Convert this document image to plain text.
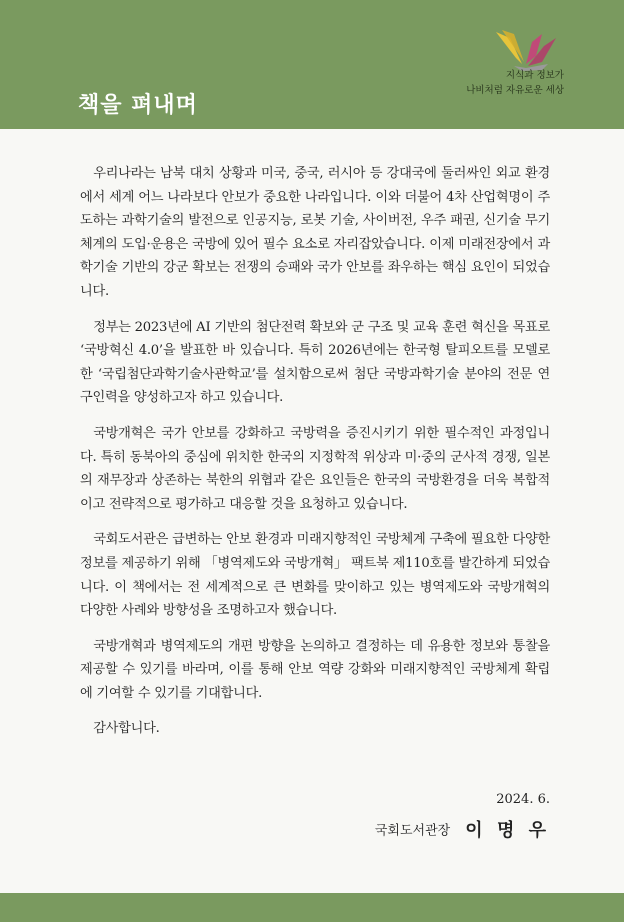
책을 펴내며
지식과 정보가
나비처럼 자유로운 세상

우리나라는 남북 대치 상황과 미국, 중국, 러시아 등 강대국에 둘러싸인 외교 환경에서 세계 어느 나라보다 안보가 중요한 나라입니다. 이와 더불어 4차 산업혁명이 주도하는 과학기술의 발전으로 인공지능, 로봇 기술, 사이버전, 우주 패권, 신기술 무기체계의 도입·운용은 국방에 있어 필수 요소로 자리잡았습니다. 이제 미래전장에서 과학기술 기반의 강군 확보는 전쟁의 승패와 국가 안보를 좌우하는 핵심 요인이 되었습니다.

정부는 2023년에 AI 기반의 첨단전력 확보와 군 구조 및 교육 훈련 혁신을 목표로 ‘국방혁신 4.0’을 발표한 바 있습니다. 특히 2026년에는 한국형 탈피오트를 모델로 한 ‘국립첨단과학기술사관학교’를 설치함으로써 첨단 국방과학기술 분야의 전문 연구인력을 양성하고자 하고 있습니다.

국방개혁은 국가 안보를 강화하고 국방력을 증진시키기 위한 필수적인 과정입니다. 특히 동북아의 중심에 위치한 한국의 지정학적 위상과 미·중의 군사적 경쟁, 일본의 재무장과 상존하는 북한의 위협과 같은 요인들은 한국의 국방환경을 더욱 복합적이고 전략적으로 평가하고 대응할 것을 요청하고 있습니다.

국회도서관은 급변하는 안보 환경과 미래지향적인 국방체계 구축에 필요한 다양한 정보를 제공하기 위해 「병역제도와 국방개혁」 팩트북 제110호를 발간하게 되었습니다. 이 책에서는 전 세계적으로 큰 변화를 맞이하고 있는 병역제도와 국방개혁의 다양한 사례와 방향성을 조명하고자 했습니다.

국방개혁과 병역제도의 개편 방향을 논의하고 결정하는 데 유용한 정보와 통찰을 제공할 수 있기를 바라며, 이를 통해 안보 역량 강화와 미래지향적인 국방체계 확립에 기여할 수 있기를 기대합니다.

감사합니다.

2024. 6.
국회도서관장 이 명 우
